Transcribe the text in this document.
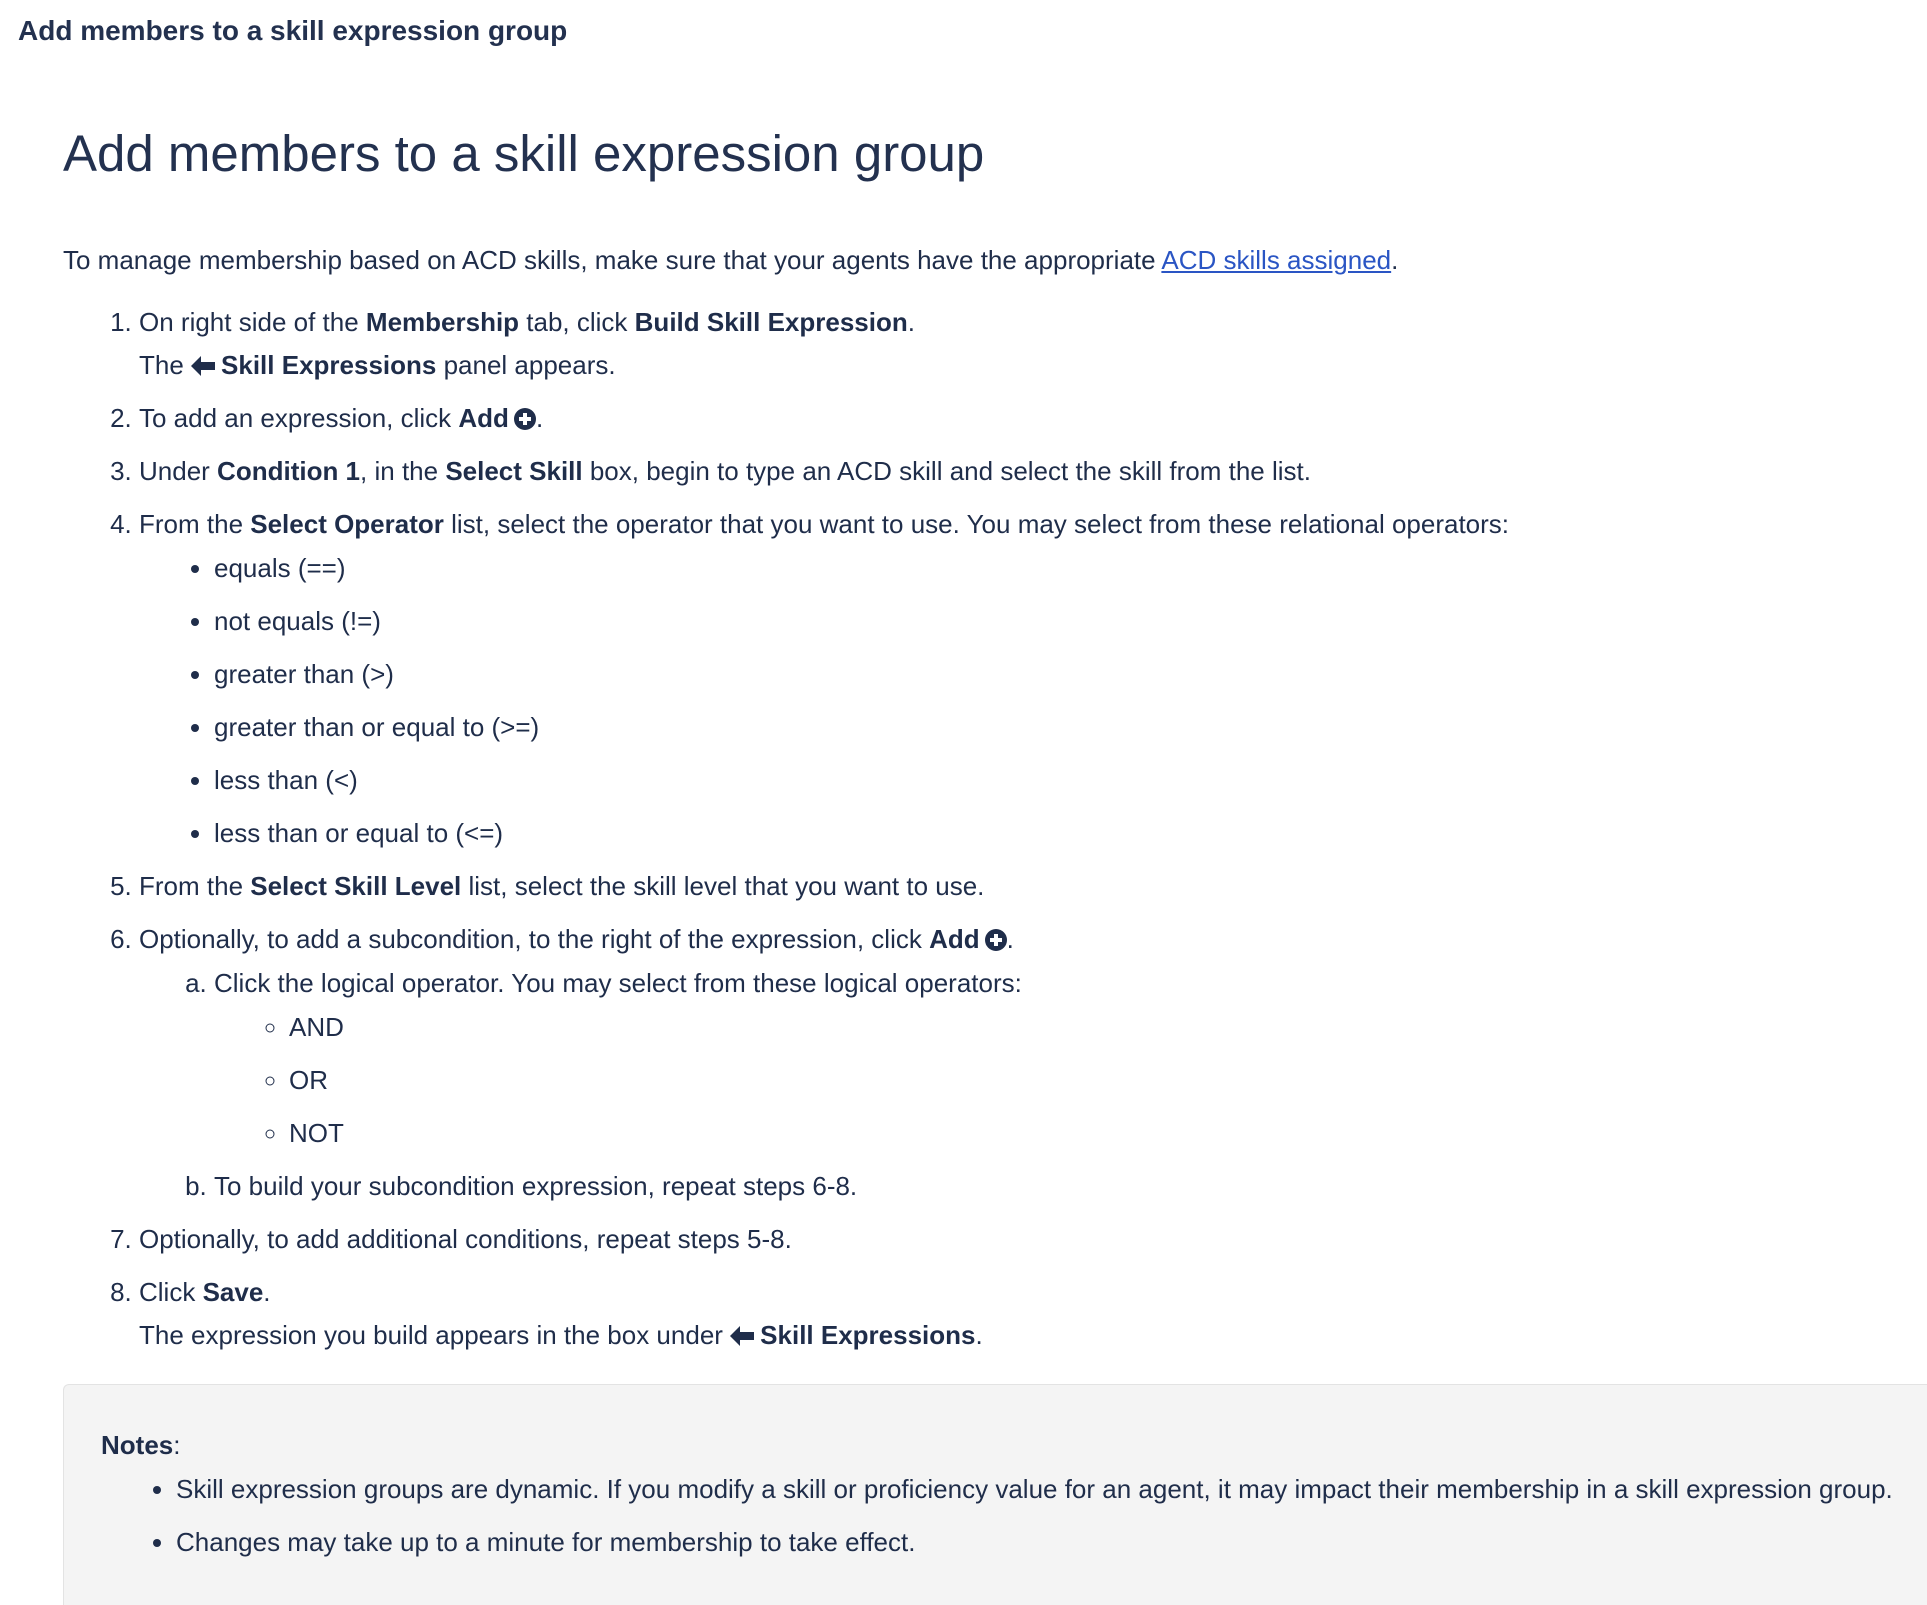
Add members to a skill expression group
Add members to a skill expression group

To manage membership based on ACD skills, make sure that your agents have the appropriate ACD skills assigned.

1. On right side of the Membership tab, click Build Skill Expression.
The Skill Expressions panel appears.
2. To add an expression, click Add .
3. Under Condition 1, in the Select Skill box, begin to type an ACD skill and select the skill from the list.
4. From the Select Operator list, select the operator that you want to use. You may select from these relational operators:
• equals (==)
• not equals (!=)
• greater than (>)
• greater than or equal to (>=)
• less than (<)
• less than or equal to (<=)
5. From the Select Skill Level list, select the skill level that you want to use.
6. Optionally, to add a subcondition, to the right of the expression, click Add .
a. Click the logical operator. You may select from these logical operators:
◦ AND
◦ OR
◦ NOT
b. To build your subcondition expression, repeat steps 6-8.
7. Optionally, to add additional conditions, repeat steps 5-8.
8. Click Save.
The expression you build appears in the box under Skill Expressions.
Notes:
• Skill expression groups are dynamic. If you modify a skill or proficiency value for an agent, it may impact their membership in a skill expression group.
• Changes may take up to a minute for membership to take effect.
